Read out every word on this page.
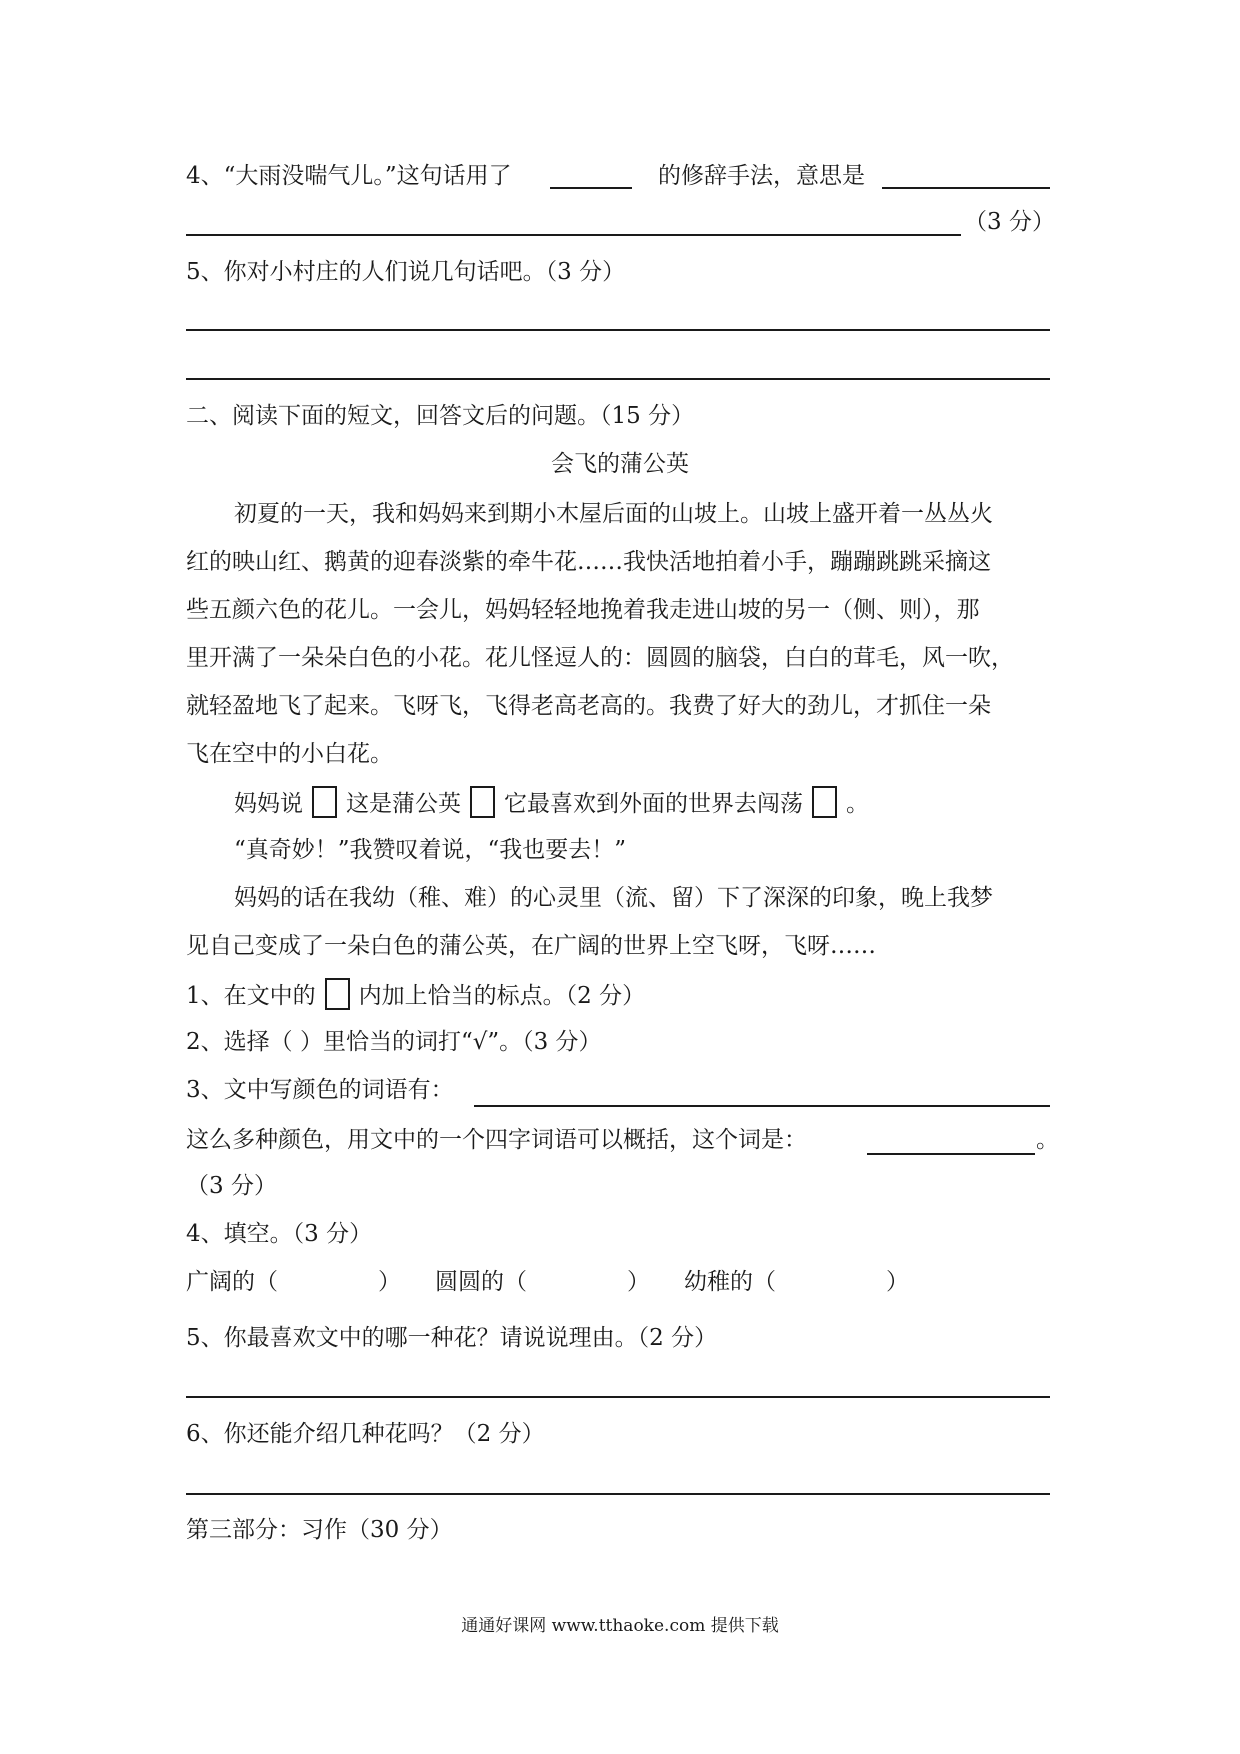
4、“大雨没喘气儿。”这句话用了	的修辞手法，意思是
（3 分）
5、你对小村庄的人们说几句话吧。（3 分）
二、阅读下面的短文，回答文后的问题。（15 分）
会飞的蒲公英
初夏的一天，我和妈妈来到期小木屋后面的山坡上。山坡上盛开着一丛丛火
红的映山红、鹅黄的迎春淡紫的牵牛花……我快活地拍着小手，蹦蹦跳跳采摘这
些五颜六色的花儿。一会儿，妈妈轻轻地挽着我走进山坡的另一（侧、则），那
里开满了一朵朵白色的小花。花儿怪逗人的：圆圆的脑袋，白白的茸毛，风一吹，
就轻盈地飞了起来。飞呀飞，飞得老高老高的。我费了好大的劲儿，才抓住一朵
飞在空中的小白花。
妈妈说 这是蒲公英 它最喜欢到外面的世界去闯荡 。
“真奇妙！”我赞叹着说，“我也要去！”
妈妈的话在我幼（稚、难）的心灵里（流、留）下了深深的印象，晚上我梦
见自己变成了一朵白色的蒲公英，在广阔的世界上空飞呀，飞呀……
1、在文中的 内加上恰当的标点。（2 分）
2、选择（ ）里恰当的词打“√”。（3 分）
3、文中写颜色的词语有：
这么多种颜色，用文中的一个四字词语可以概括，这个词是：	。
（3 分）
4、填空。（3 分）
广阔的（	） 圆圆的（	） 幼稚的（	）
5、你最喜欢文中的哪一种花？请说说理由。（2 分）
6、你还能介绍几种花吗？（2 分）
第三部分：习作（30 分）
通通好课网 www.tthaoke.com 提供下载
